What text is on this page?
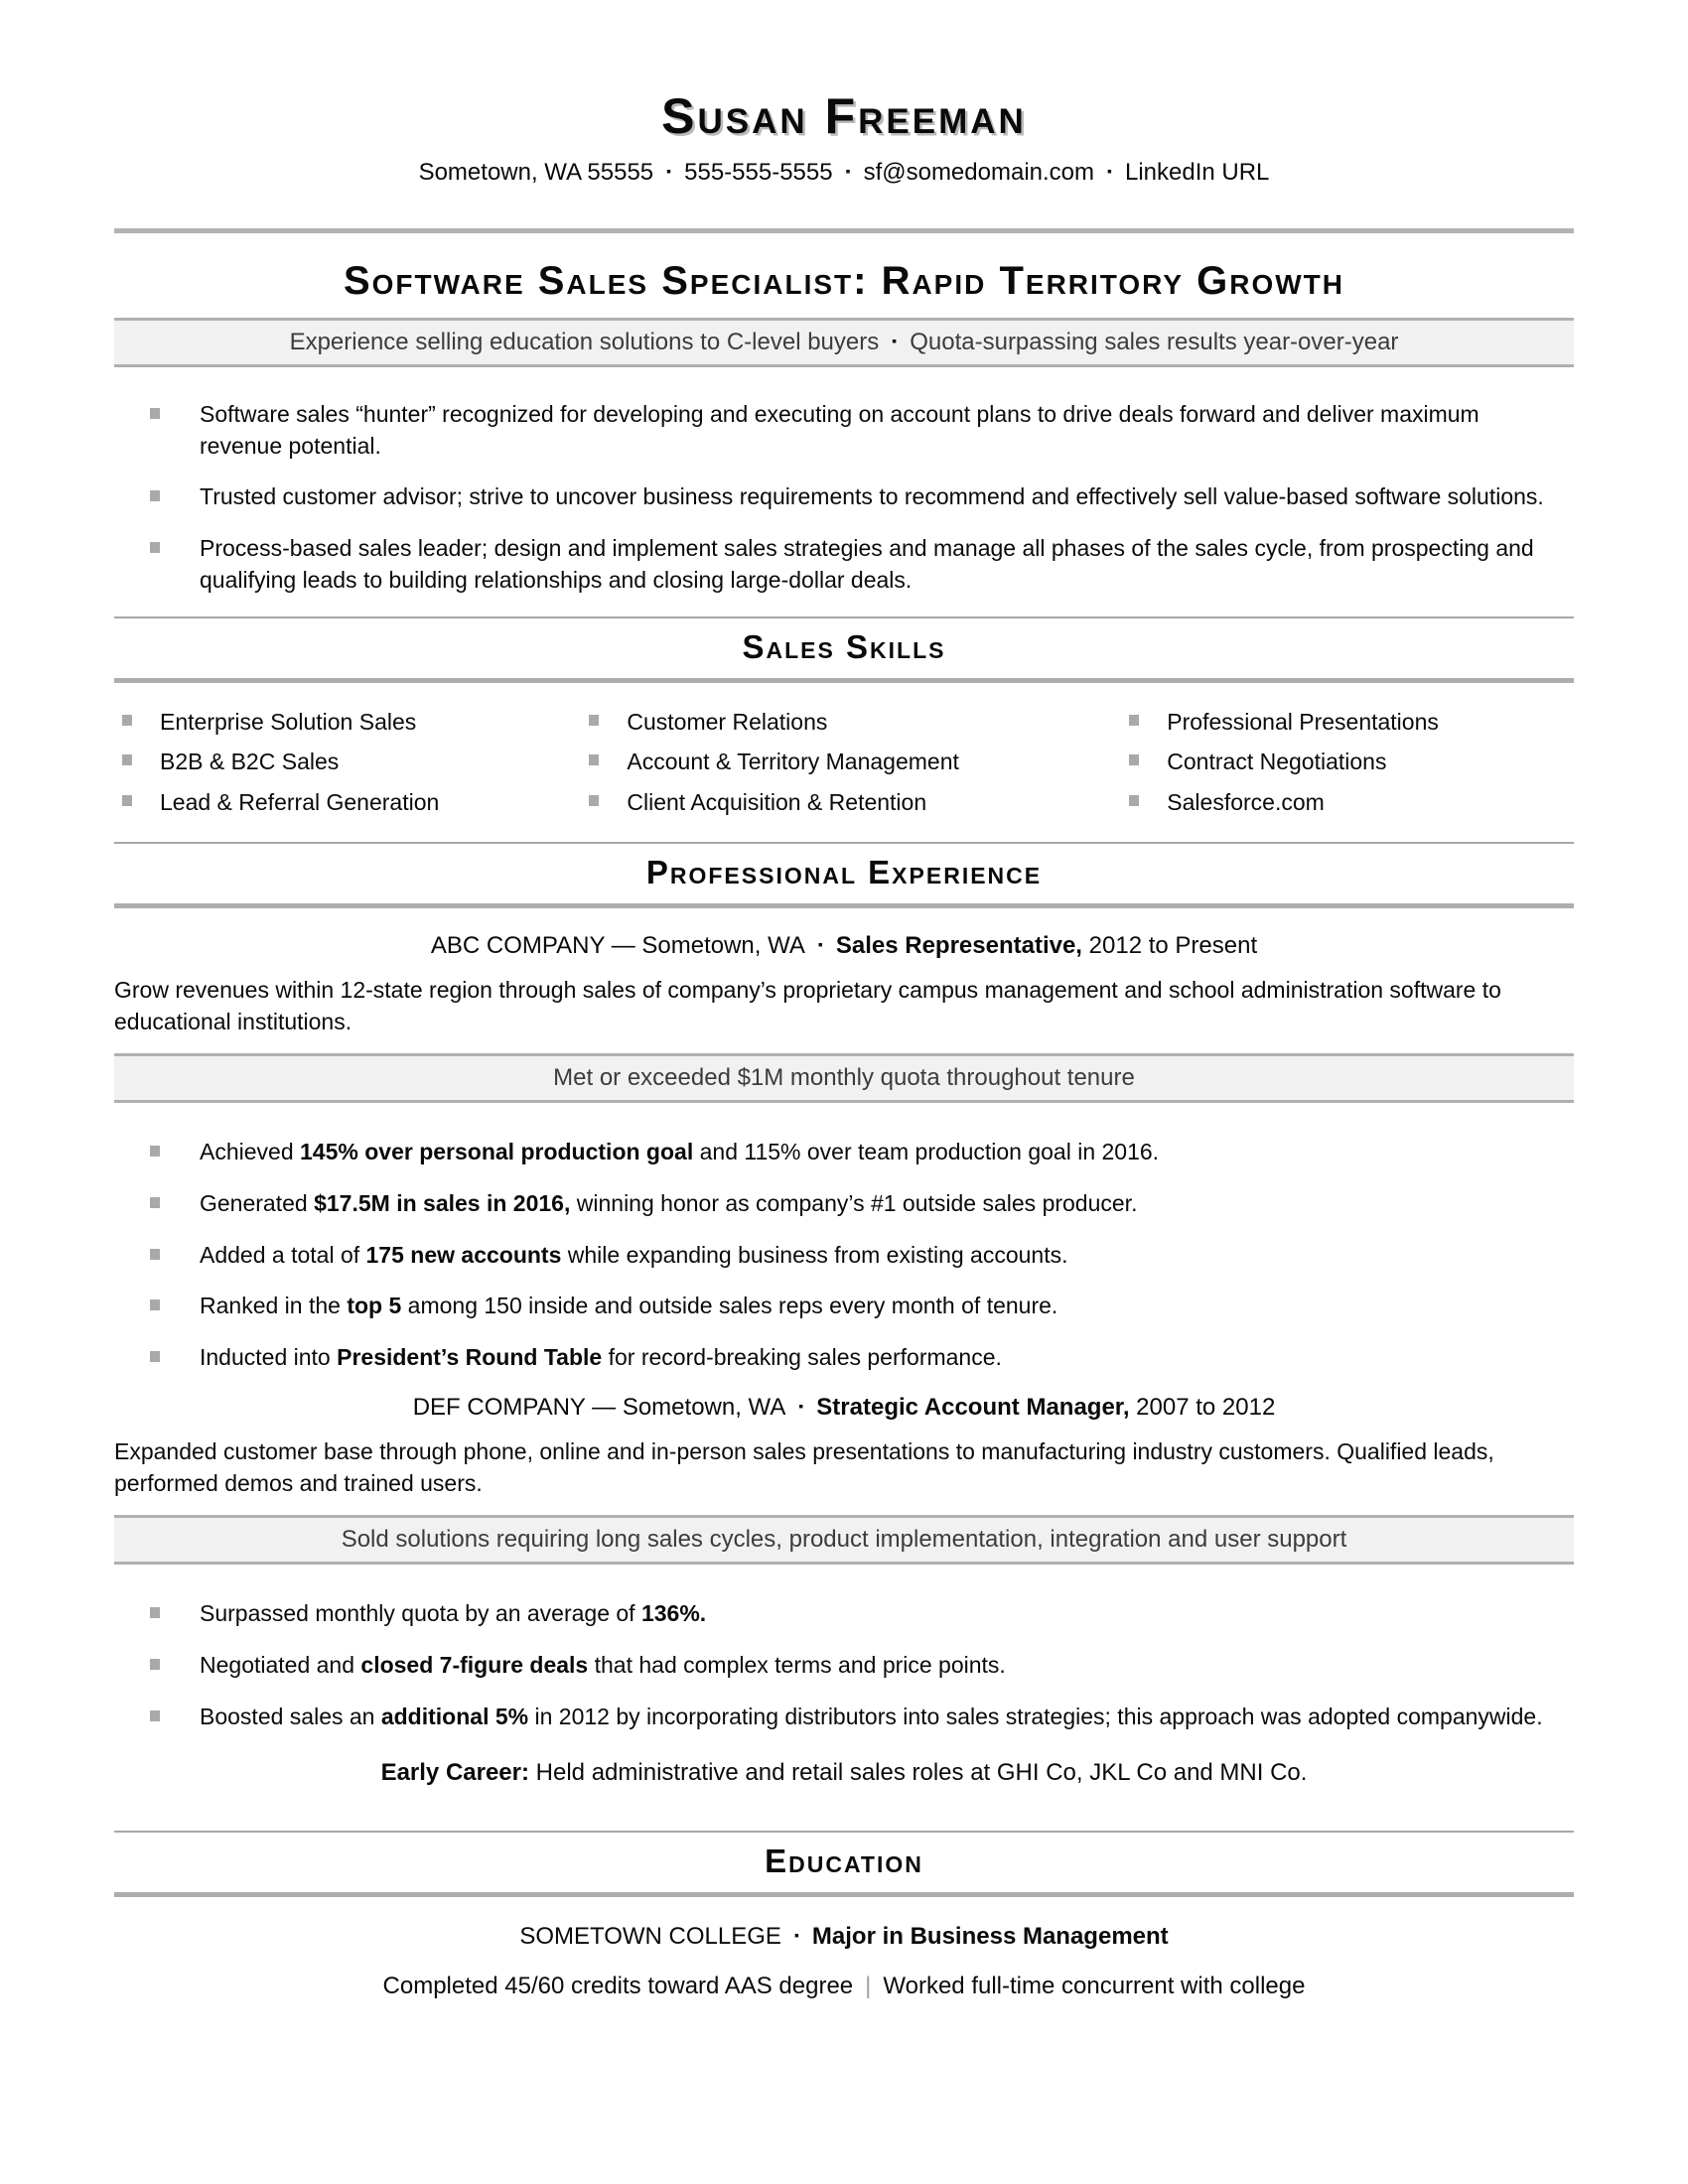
Susan Freeman
Sometown, WA 55555 ▪ 555-555-5555 ▪ sf@somedomain.com ▪ LinkedIn URL
Software Sales Specialist: Rapid Territory Growth
Experience selling education solutions to C-level buyers ▪ Quota-surpassing sales results year-over-year
Software sales “hunter” recognized for developing and executing on account plans to drive deals forward and deliver maximum revenue potential.
Trusted customer advisor; strive to uncover business requirements to recommend and effectively sell value-based software solutions.
Process-based sales leader; design and implement sales strategies and manage all phases of the sales cycle, from prospecting and qualifying leads to building relationships and closing large-dollar deals.
Sales Skills
Enterprise Solution Sales
B2B & B2C Sales
Lead & Referral Generation
Customer Relations
Account & Territory Management
Client Acquisition & Retention
Professional Presentations
Contract Negotiations
Salesforce.com
Professional Experience
ABC COMPANY — Sometown, WA ▪ Sales Representative, 2012 to Present
Grow revenues within 12-state region through sales of company’s proprietary campus management and school administration software to educational institutions.
Met or exceeded $1M monthly quota throughout tenure
Achieved 145% over personal production goal and 115% over team production goal in 2016.
Generated $17.5M in sales in 2016, winning honor as company’s #1 outside sales producer.
Added a total of 175 new accounts while expanding business from existing accounts.
Ranked in the top 5 among 150 inside and outside sales reps every month of tenure.
Inducted into President’s Round Table for record-breaking sales performance.
DEF COMPANY — Sometown, WA ▪ Strategic Account Manager, 2007 to 2012
Expanded customer base through phone, online and in-person sales presentations to manufacturing industry customers. Qualified leads, performed demos and trained users.
Sold solutions requiring long sales cycles, product implementation, integration and user support
Surpassed monthly quota by an average of 136%.
Negotiated and closed 7-figure deals that had complex terms and price points.
Boosted sales an additional 5% in 2012 by incorporating distributors into sales strategies; this approach was adopted companywide.
Early Career: Held administrative and retail sales roles at GHI Co, JKL Co and MNI Co.
Education
SOMETOWN COLLEGE ▪ Major in Business Management
Completed 45/60 credits toward AAS degree | Worked full-time concurrent with college
